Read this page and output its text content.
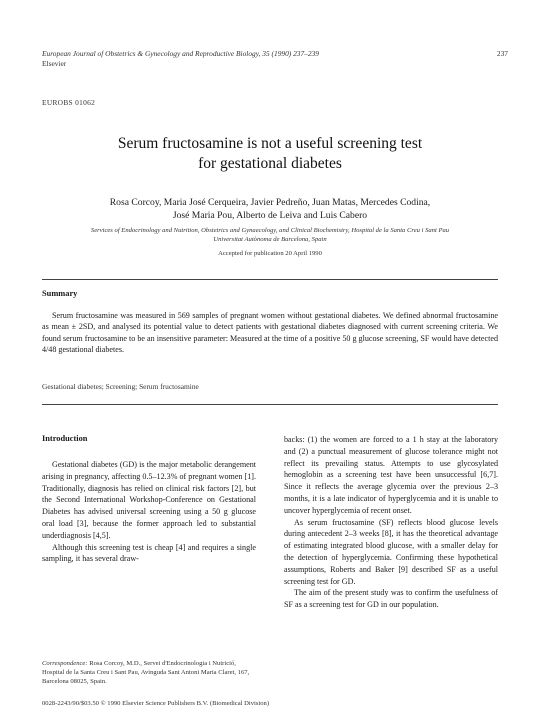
European Journal of Obstetrics & Gynecology and Reproductive Biology, 35 (1990) 237–239
Elsevier
237
EUROBS 01062
Serum fructosamine is not a useful screening test
for gestational diabetes
Rosa Corcoy, Maria José Cerqueira, Javier Pedreño, Juan Matas, Mercedes Codina,
José Maria Pou, Alberto de Leiva and Luis Cabero
Services of Endocrinology and Nutrition, Obstetrics and Gynaecology, and Clinical Biochemistry, Hospital de la Santa Creu i Sant Pau
Universitat Autònoma de Barcelona, Spain
Accepted for publication 20 April 1990
Summary
Serum fructosamine was measured in 569 samples of pregnant women without gestational diabetes. We defined abnormal fructosamine as mean ± 2SD, and analysed its potential value to detect patients with gestational diabetes diagnosed with current screening criteria. We found serum fructosamine to be an insensitive parameter: Measured at the time of a positive 50 g glucose screening, SF would have detected 4/48 gestational diabetes.
Gestational diabetes; Screening; Serum fructosamine
Introduction

Gestational diabetes (GD) is the major metabolic derangement arising in pregnancy, affecting 0.5–12.3% of pregnant women [1]. Traditionally, diagnosis has relied on clinical risk factors [2], but the Second International Workshop-Conference on Gestational Diabetes has advised universal screening using a 50 g glucose oral load [3], because the former approach led to substantial underdiagnosis [4,5].

Although this screening test is cheap [4] and requires a single sampling, it has several draw-

backs: (1) the women are forced to a 1 h stay at the laboratory and (2) a punctual measurement of glucose tolerance might not reflect its prevailing status. Attempts to use glycosylated hemoglobin as a screening test have been unsuccessful [6,7]. Since it reflects the average glycemia over the previous 2–3 months, it is a late indicator of hyperglycemia and it is unable to uncover hyperglycemia of recent onset.

As serum fructosamine (SF) reflects blood glucose levels during antecedent 2–3 weeks [8], it has the theoretical advantage of estimating integrated blood glucose, with a smaller delay for the detection of hyperglycemia. Confirming these hypothetical assumptions, Roberts and Baker [9] described SF as a useful screening test for GD.

The aim of the present study was to confirm the usefulness of SF as a screening test for GD in our population.

Correspondence: Rosa Corcoy, M.D., Servei d'Endocrinologia i Nutrició, Hospital de la Santa Creu i Sant Pau, Avinguda Sant Antoni Maria Claret, 167, Barcelona 08025, Spain.
0028-2243/90/$03.50 © 1990 Elsevier Science Publishers B.V. (Biomedical Division)
